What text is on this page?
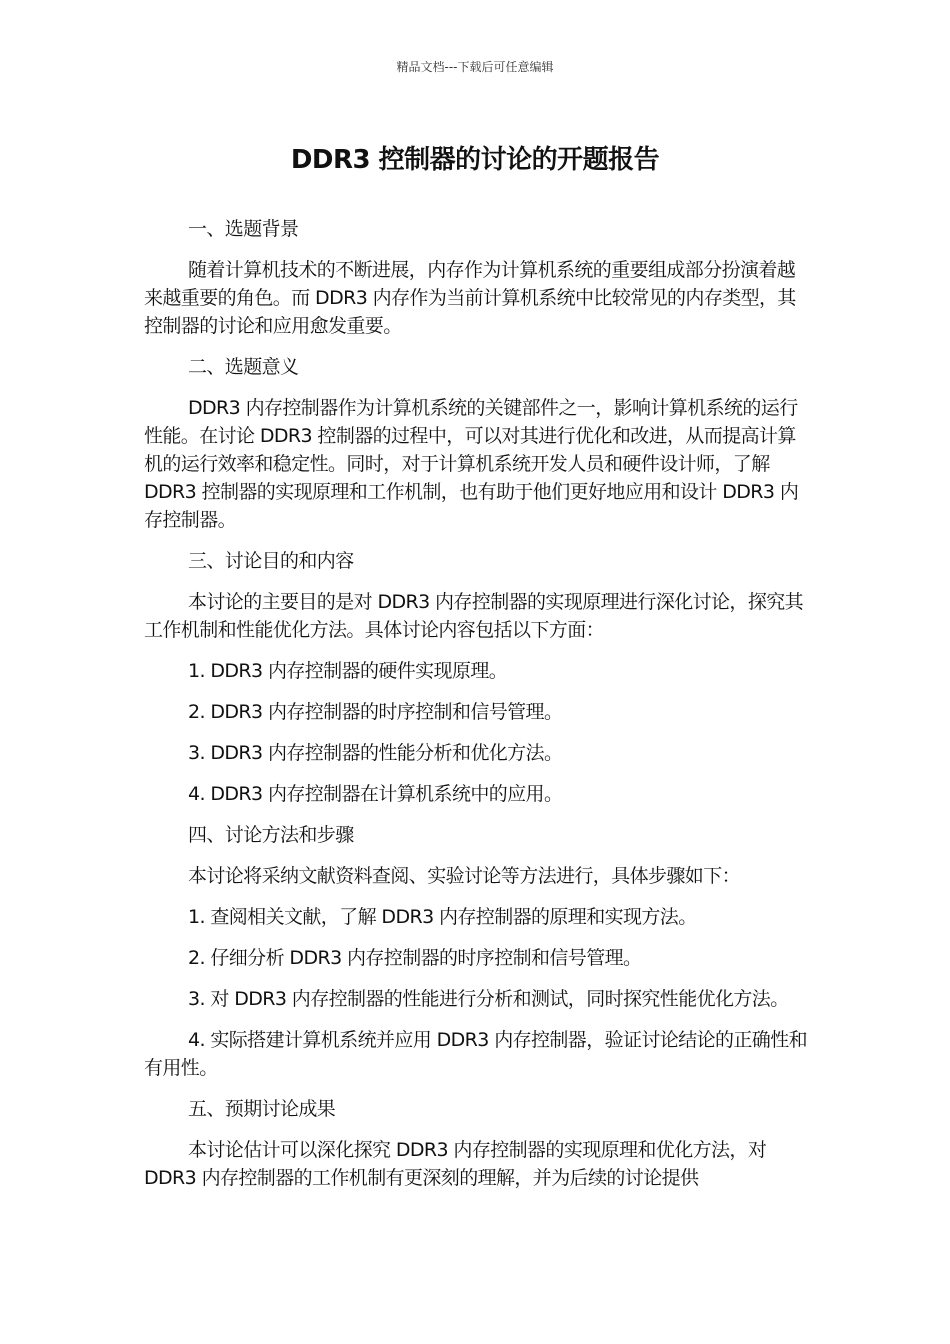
精品文档---下载后可任意编辑
DDR3 控制器的讨论的开题报告

一、选题背景

随着计算机技术的不断进展，内存作为计算机系统的重要组成部分扮演着越来越重要的角色。而 DDR3 内存作为当前计算机系统中比较常见的内存类型，其控制器的讨论和应用愈发重要。

二、选题意义

DDR3 内存控制器作为计算机系统的关键部件之一，影响计算机系统的运行性能。在讨论 DDR3 控制器的过程中，可以对其进行优化和改进，从而提高计算机的运行效率和稳定性。同时，对于计算机系统开发人员和硬件设计师，了解 DDR3 控制器的实现原理和工作机制，也有助于他们更好地应用和设计 DDR3 内存控制器。

三、讨论目的和内容

本讨论的主要目的是对 DDR3 内存控制器的实现原理进行深化讨论，探究其工作机制和性能优化方法。具体讨论内容包括以下方面：

1. DDR3 内存控制器的硬件实现原理。

2. DDR3 内存控制器的时序控制和信号管理。

3. DDR3 内存控制器的性能分析和优化方法。

4. DDR3 内存控制器在计算机系统中的应用。

四、讨论方法和步骤

本讨论将采纳文献资料查阅、实验讨论等方法进行，具体步骤如下：

1. 查阅相关文献，了解 DDR3 内存控制器的原理和实现方法。

2. 仔细分析 DDR3 内存控制器的时序控制和信号管理。

3. 对 DDR3 内存控制器的性能进行分析和测试，同时探究性能优化方法。

4. 实际搭建计算机系统并应用 DDR3 内存控制器，验证讨论结论的正确性和有用性。

五、预期讨论成果

本讨论估计可以深化探究 DDR3 内存控制器的实现原理和优化方法，对 DDR3 内存控制器的工作机制有更深刻的理解，并为后续的讨论提供
